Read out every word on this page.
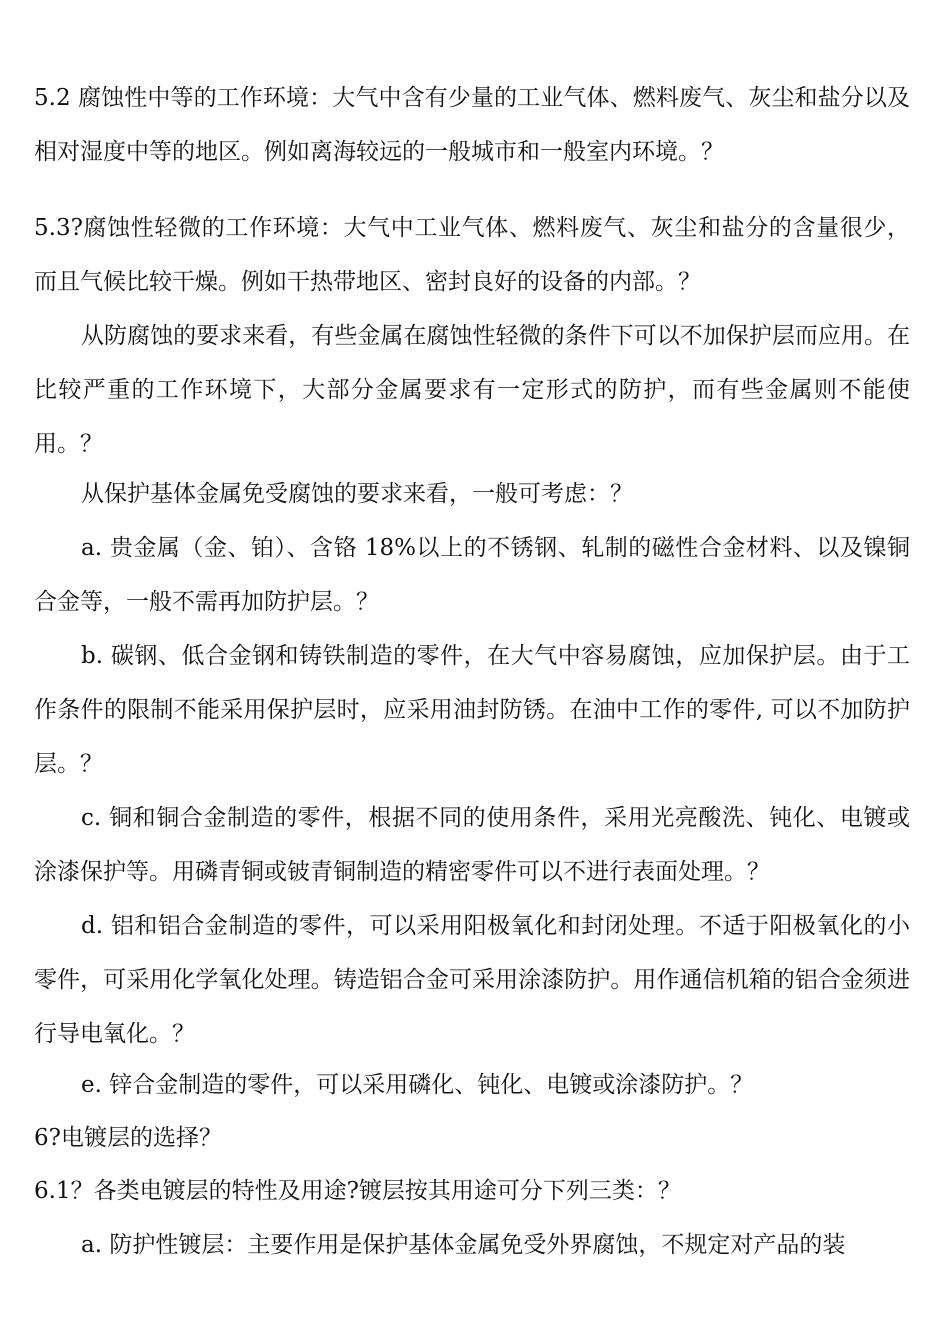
5.2 腐蚀性中等的工作环境：大气中含有少量的工业气体、燃料废气、灰尘和盐分以及相对湿度中等的地区。例如离海较远的一般城市和一般室内环境。？

5.3?腐蚀性轻微的工作环境：大气中工业气体、燃料废气、灰尘和盐分的含量很少，而且气候比较干燥。例如干热带地区、密封良好的设备的内部。？

从防腐蚀的要求来看，有些金属在腐蚀性轻微的条件下可以不加保护层而应用。在比较严重的工作环境下，大部分金属要求有一定形式的防护，而有些金属则不能使用。？

从保护基体金属免受腐蚀的要求来看，一般可考虑：？

a. 贵金属（金、铂）、含铬 18%以上的不锈钢、轧制的磁性合金材料、以及镍铜合金等，一般不需再加防护层。？

b. 碳钢、低合金钢和铸铁制造的零件，在大气中容易腐蚀，应加保护层。由于工作条件的限制不能采用保护层时，应采用油封防锈。在油中工作的零件, 可以不加防护层。？

c. 铜和铜合金制造的零件，根据不同的使用条件，采用光亮酸洗、钝化、电镀或涂漆保护等。用磷青铜或铍青铜制造的精密零件可以不进行表面处理。？

d. 铝和铝合金制造的零件，可以采用阳极氧化和封闭处理。不适于阳极氧化的小零件，可采用化学氧化处理。铸造铝合金可采用涂漆防护。用作通信机箱的铝合金须进行导电氧化。？

e. 锌合金制造的零件，可以采用磷化、钝化、电镀或涂漆防护。？

6?电镀层的选择？

6.1？各类电镀层的特性及用途?镀层按其用途可分下列三类：？

a. 防护性镀层：主要作用是保护基体金属免受外界腐蚀，不规定对产品的装
